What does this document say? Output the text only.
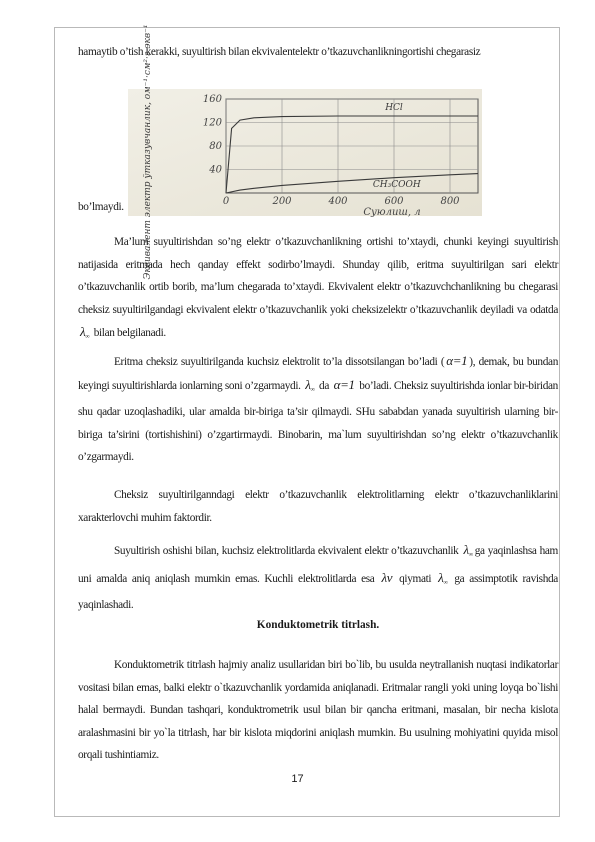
hamaytib o’tish kerakki, suyultirish bilan ekvivalentelektr o’tkazuvchanlikningortishi chegarasiz
Эквивалент электр ўтказувчанлик, ом⁻¹·см²·г-экв⁻¹	160
120
80
40
0	200	400	600	800
Суюлиш, л
HCl
CH₃COOH
bo’lmaydi.
Ma’lum suyultirishdan so’ng elektr o’tkazuvchanlikning ortishi to’xtaydi, chunki keyingi suyultirish natijasida eritmada hech qanday effekt sodirbo’lmaydi. Shunday qilib, eritma suyultirilgan sari elektr o’tkazuvchanlik ortib borib, ma’lum chegarada to’xtaydi. Ekvivalent elektr o’tkazuvchchanlikning bu chegarasi cheksiz suyultirilgandagi ekvivalent elektr o’tkazuvchanlik yoki cheksizelektr o’tkazuvchanlik deyiladi va odatda $\lambda_\infty$ bilan belgilanadi.
Eritma cheksiz suyultirilganda kuchsiz elektrolit to’la dissotsilangan bo’ladi ( α=1 ), demak, bu bundan keyingi suyultirishlarda ionlarning soni o’zgarmaydi. $\lambda_\infty$ da α=1 bo’ladi. Cheksiz suyultirishda ionlar bir-biridan shu qadar uzoqlashadiki, ular amalda bir-biriga ta’sir qilmaydi. SHu sababdan yanada suyultirish ularning bir-biriga ta’sirini (tortishishini) o’zgartirmaydi. Binobarin, ma`lum suyultirishdan so’ng elektr o’tkazuvchanlik o’zgarmaydi.
Cheksiz suyultirilganndagi elektr o’tkazuvchanlik elektrolitlarning elektr o’tkazuvchanliklarini xarakterlovchi muhim faktordir.
Suyultirish oshishi bilan, kuchsiz elektrolitlarda ekvivalent elektr o’tkazuvchanlik $\lambda_\infty$ ga yaqinlashsa ham uni amalda aniq aniqlash mumkin emas. Kuchli elektrolitlarda esa λv qiymati $\lambda_\infty$ ga assimptotik ravishda yaqinlashadi.
Konduktometrik titrlash.
Konduktometrik titrlash hajmiy analiz usullaridan biri bo`lib, bu usulda neytrallanish nuqtasi indikatorlar vositasi bilan emas, balki elektr o`tkazuvchanlik yordamida aniqlanadi. Eritmalar rangli yoki uning loyqa bo`lishi halal bermaydi. Bundan tashqari, konduktrometrik usul bilan bir qancha eritmani, masalan, bir necha kislota aralashmasini bir yo`la titrlash, har bir kislota miqdorini aniqlash mumkin. Bu usulning mohiyatini quyida misol orqali tushintiamiz.
17
